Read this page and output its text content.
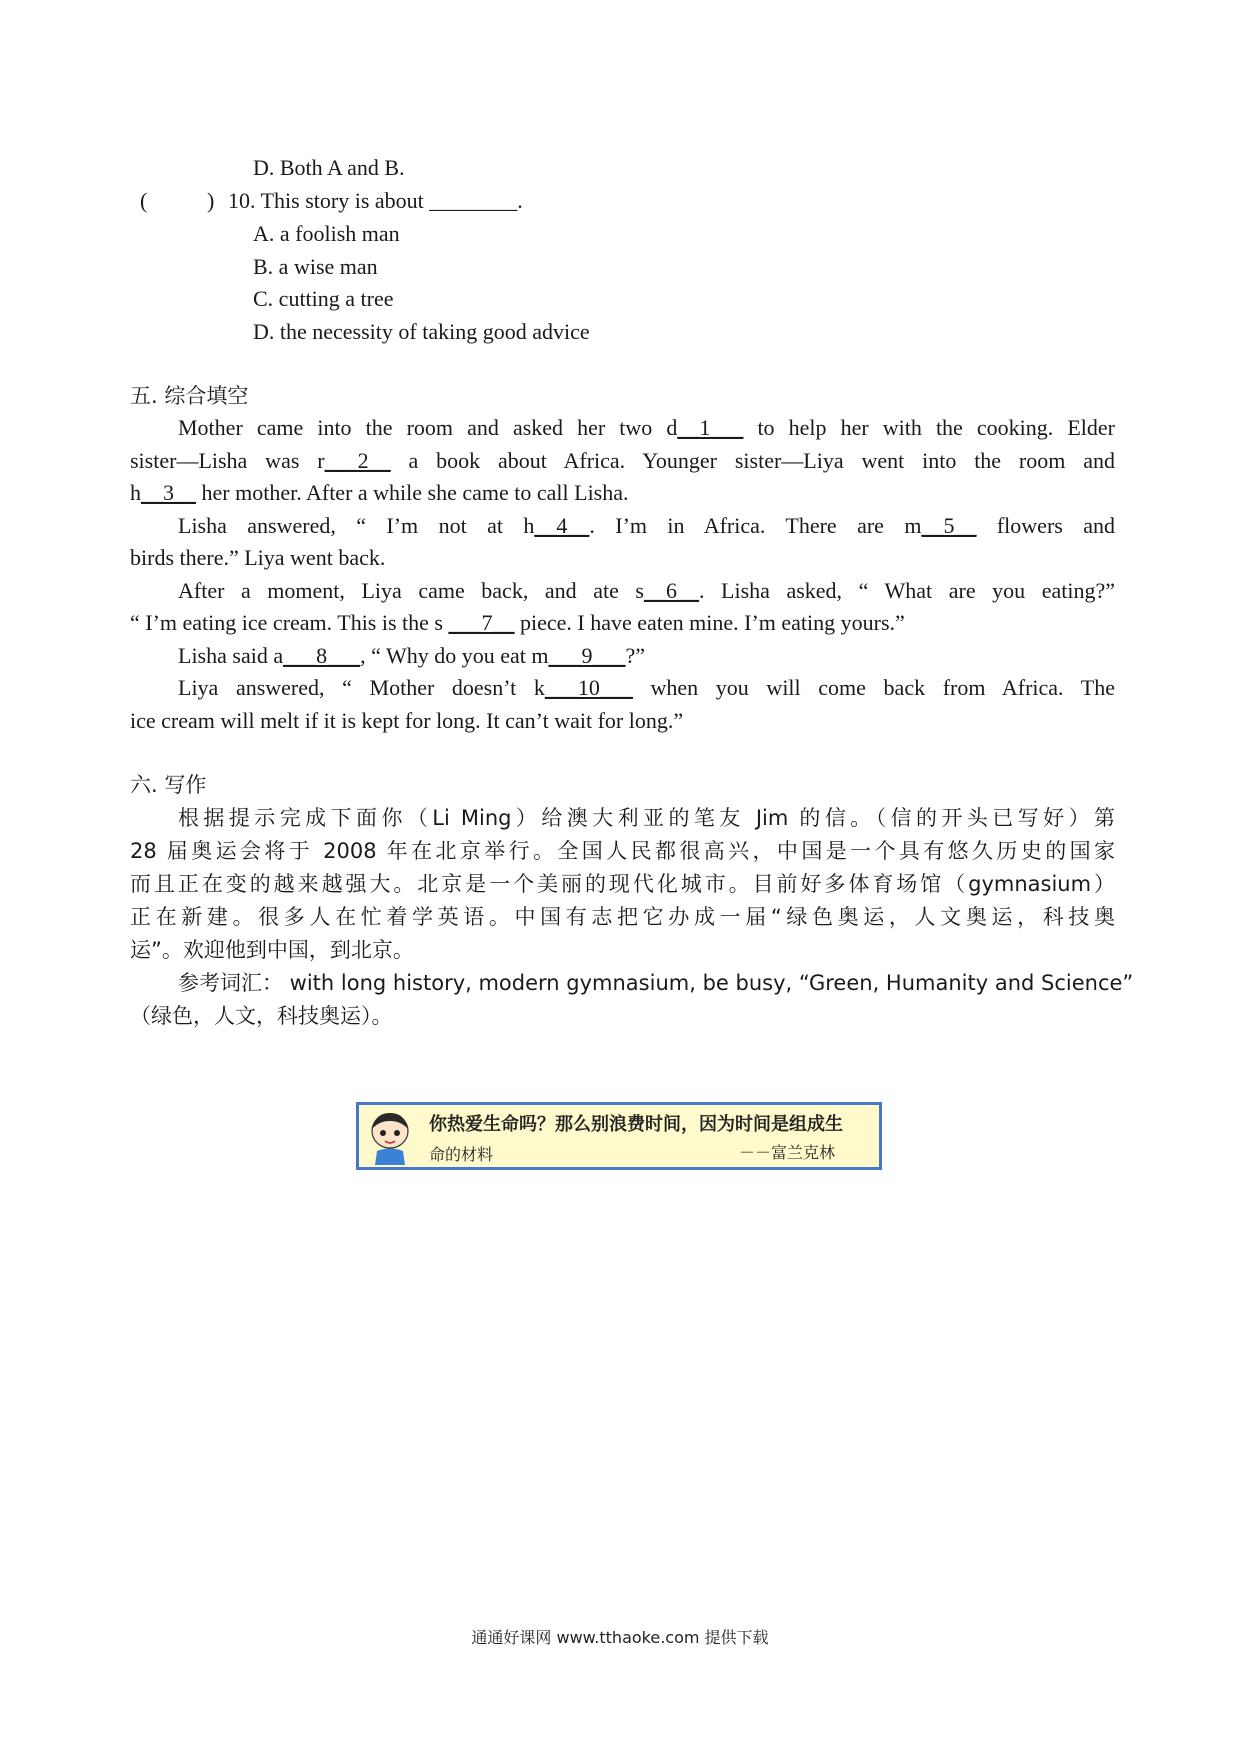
D. Both A and B.
(	) 10. This story is about ________.
A. a foolish man
B. a wise man
C. cutting a tree
D. the necessity of taking good advice
五. 综合填空
Mother came into the room and asked her two d__1___ to help her with the cooking. Elder
sister—Lisha was r___2__ a book about Africa. Younger sister—Liya went into the room and
h__3__ her mother. After a while she came to call Lisha.
Lisha answered, “ I’m not at h__4__. I’m in Africa. There are m__5__ flowers and
birds there.” Liya went back.
After a moment, Liya came back, and ate s__6__. Lisha asked, “ What are you eating?”
“ I’m eating ice cream. This is the s ___7__ piece. I have eaten mine. I’m eating yours.”
Lisha said a___8___, “ Why do you eat m___9___?”
Liya answered, “ Mother doesn’t k___10___ when you will come back from Africa. The
ice cream will melt if it is kept for long. It can’t wait for long.”
六. 写作
根据提示完成下面你（Li Ming）给澳大利亚的笔友 Jim 的信。（信的开头已写好）第
28 届奥运会将于 2008 年在北京举行。全国人民都很高兴，中国是一个具有悠久历史的国家
而且正在变的越来越强大。北京是一个美丽的现代化城市。目前好多体育场馆（gymnasium）
正在新建。很多人在忙着学英语。中国有志把它办成一届“绿色奥运，人文奥运，科技奥
运”。欢迎他到中国，到北京。
参考词汇： with long history, modern gymnasium, be busy, “Green, Humanity and Science”
（绿色，人文，科技奥运）。
你热爱生命吗？那么别浪费时间，因为时间是组成生
命的材料	－－富兰克林
通通好课网 www.tthaoke.com 提供下载
